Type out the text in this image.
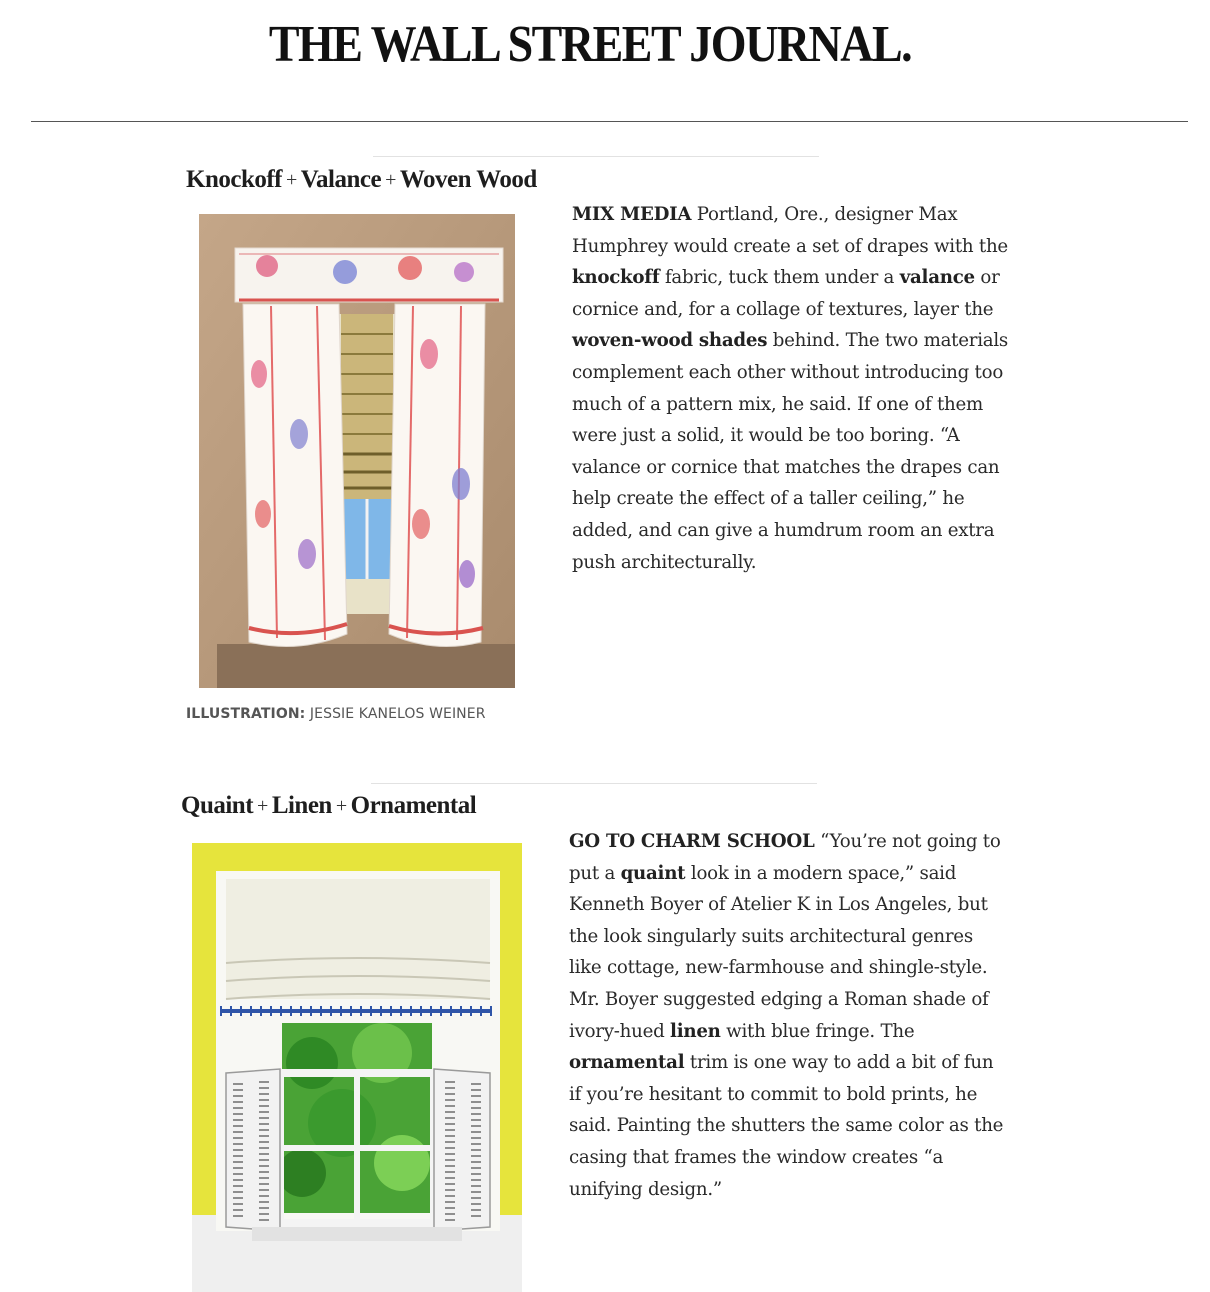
THE WALL STREET JOURNAL.
Knockoff + Valance + Woven Wood
ILLUSTRATION: JESSIE KANELOS WEINER
MIX MEDIA Portland, Ore., designer Max Humphrey would create a set of drapes with the knockoff fabric, tuck them under a valance or cornice and, for a collage of textures, layer the woven-wood shades behind. The two materials complement each other without introducing too much of a pattern mix, he said. If one of them were just a solid, it would be too boring. “A valance or cornice that matches the drapes can help create the effect of a taller ceiling,” he added, and can give a humdrum room an extra push architecturally.
Quaint + Linen + Ornamental
GO TO CHARM SCHOOL “You’re not going to put a quaint look in a modern space,” said Kenneth Boyer of Atelier K in Los Angeles, but the look singularly suits architectural genres like cottage, new-farmhouse and shingle-style. Mr. Boyer suggested edging a Roman shade of ivory-hued linen with blue fringe. The ornamental trim is one way to add a bit of fun if you’re hesitant to commit to bold prints, he said. Painting the shutters the same color as the casing that frames the window creates “a unifying design.”
